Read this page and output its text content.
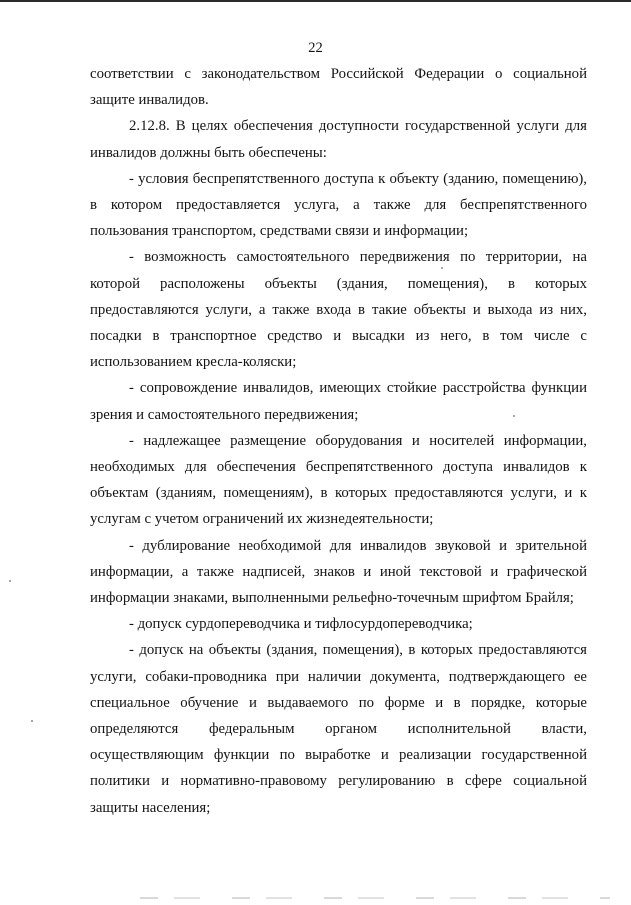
22

соответствии с законодательством Российской Федерации о социальной защите инвалидов.

2.12.8. В целях обеспечения доступности государственной услуги для инвалидов должны быть обеспечены:

- условия беспрепятственного доступа к объекту (зданию, помещению), в котором предоставляется услуга, а также для беспрепятственного пользования транспортом, средствами связи и информации;

- возможность самостоятельного передвижения по территории, на которой расположены объекты (здания, помещения), в которых предоставляются услуги, а также входа в такие объекты и выхода из них, посадки в транспортное средство и высадки из него, в том числе с использованием кресла-коляски;

- сопровождение инвалидов, имеющих стойкие расстройства функции зрения и самостоятельного передвижения;

- надлежащее размещение оборудования и носителей информации, необходимых для обеспечения беспрепятственного доступа инвалидов к объектам (зданиям, помещениям), в которых предоставляются услуги, и к услугам с учетом ограничений их жизнедеятельности;

- дублирование необходимой для инвалидов звуковой и зрительной информации, а также надписей, знаков и иной текстовой и графической информации знаками, выполненными рельефно-точечным шрифтом Брайля;

- допуск сурдопереводчика и тифлосурдопереводчика;

- допуск на объекты (здания, помещения), в которых предоставляются услуги, собаки-проводника при наличии документа, подтверждающего ее специальное обучение и выдаваемого по форме и в порядке, которые определяются федеральным органом исполнительной власти, осуществляющим функции по выработке и реализации государственной политики и нормативно-правовому регулированию в сфере социальной защиты населения;
